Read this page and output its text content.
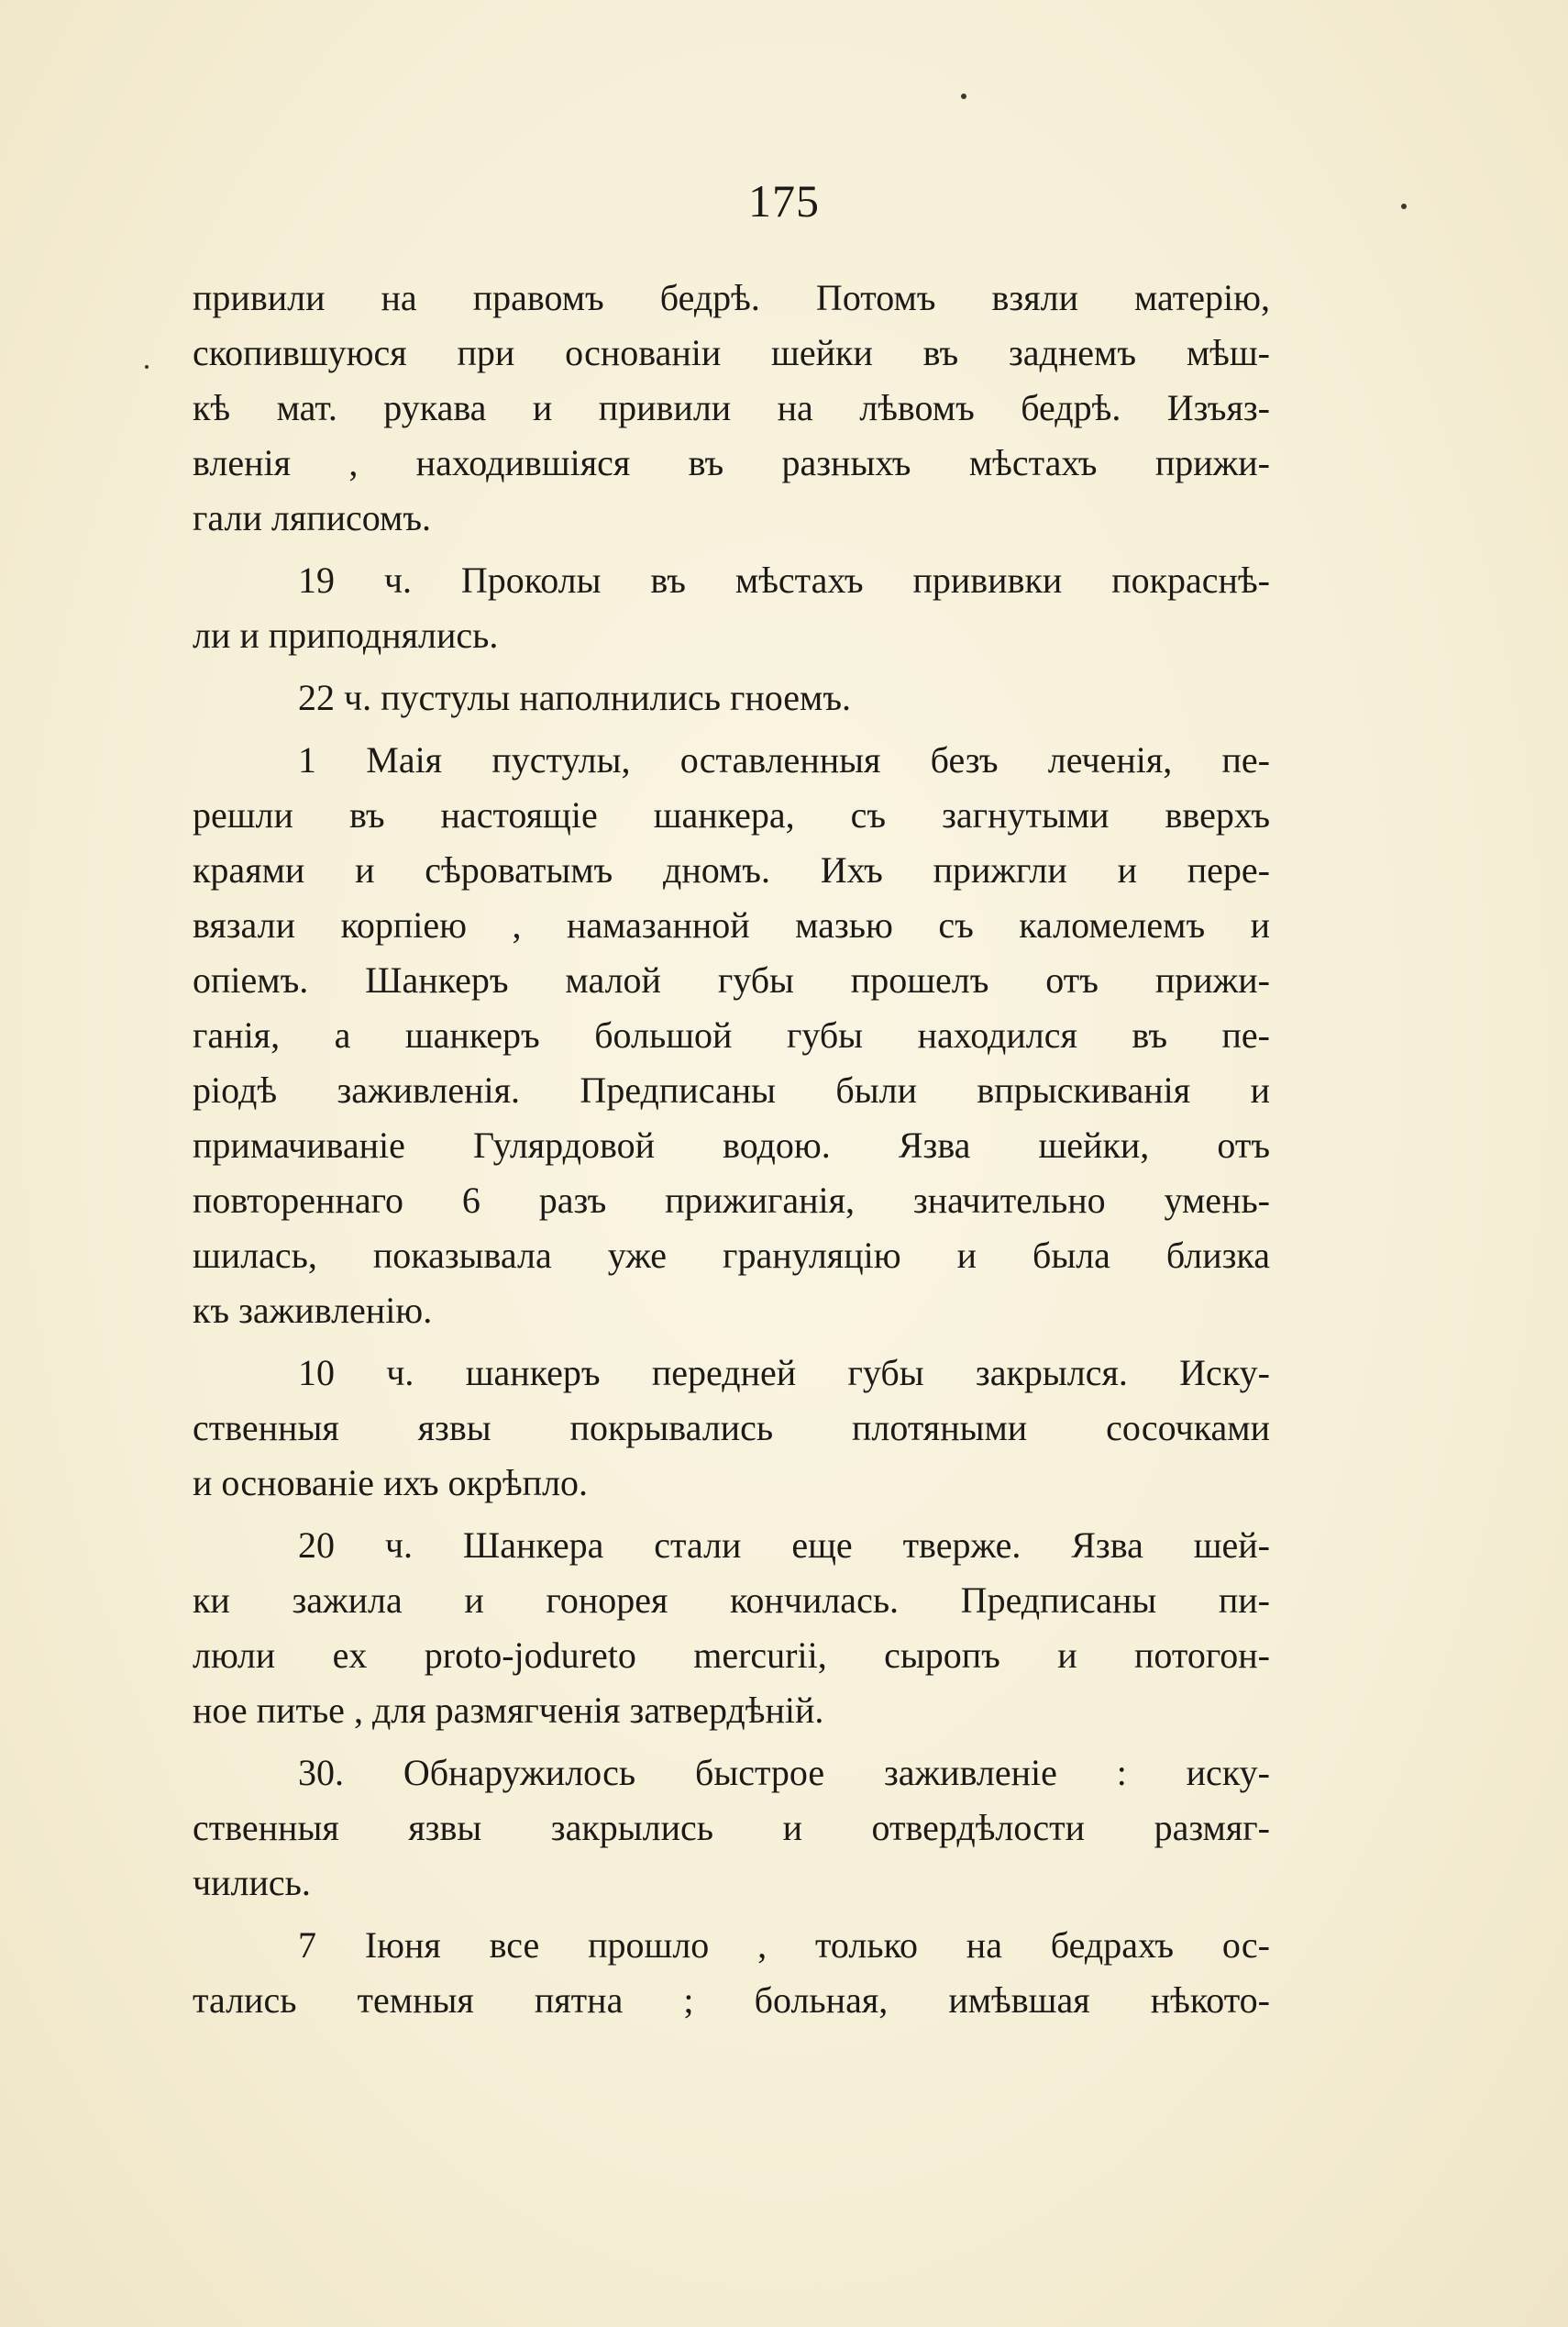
175
привили на правомъ бедрѣ. Потомъ взяли матерію,
скопившуюся при основаніи шейки въ заднемъ мѣш-
кѣ мат. рукава и привили на лѣвомъ бедрѣ. Изъяз-
вленія , находившіяся въ разныхъ мѣстахъ прижи-
гали ляписомъ.
19 ч. Проколы въ мѣстахъ прививки покраснѣ-
ли и приподнялись.
22 ч. пустулы наполнились гноемъ.
1 Маія пустулы, оставленныя безъ леченія, пе-
решли въ настоящіе шанкера, съ загнутыми вверхъ
краями и сѣроватымъ дномъ. Ихъ прижгли и пере-
вязали корпіею , намазанной мазью съ каломелемъ и
опіемъ. Шанкеръ малой губы прошелъ отъ прижи-
ганія, а шанкеръ большой губы находился въ пе-
ріодѣ заживленія. Предписаны были впрыскиванія и
примачиваніе Гулярдовой водою. Язва шейки, отъ
повтореннаго 6 разъ прижиганія, значительно умень-
шилась, показывала уже грануляцію и была близка
къ заживленію.
10 ч. шанкеръ передней губы закрылся. Иску-
ственныя язвы покрывались плотяными сосочками
и основаніе ихъ окрѣпло.
20 ч. Шанкера стали еще тверже. Язва шей-
ки зажила и гонорея кончилась. Предписаны пи-
люли ex proto-joduretо mercurii, сыропъ и потогон-
ное питье , для размягченія затвердѣній.
30. Обнаружилось быстрое заживленіе : иску-
ственныя язвы закрылись и отвердѣлости размяг-
чились.
7 Іюня все прошло , только на бедрахъ ос-
тались темныя пятна ; больная, имѣвшая нѣкото-
